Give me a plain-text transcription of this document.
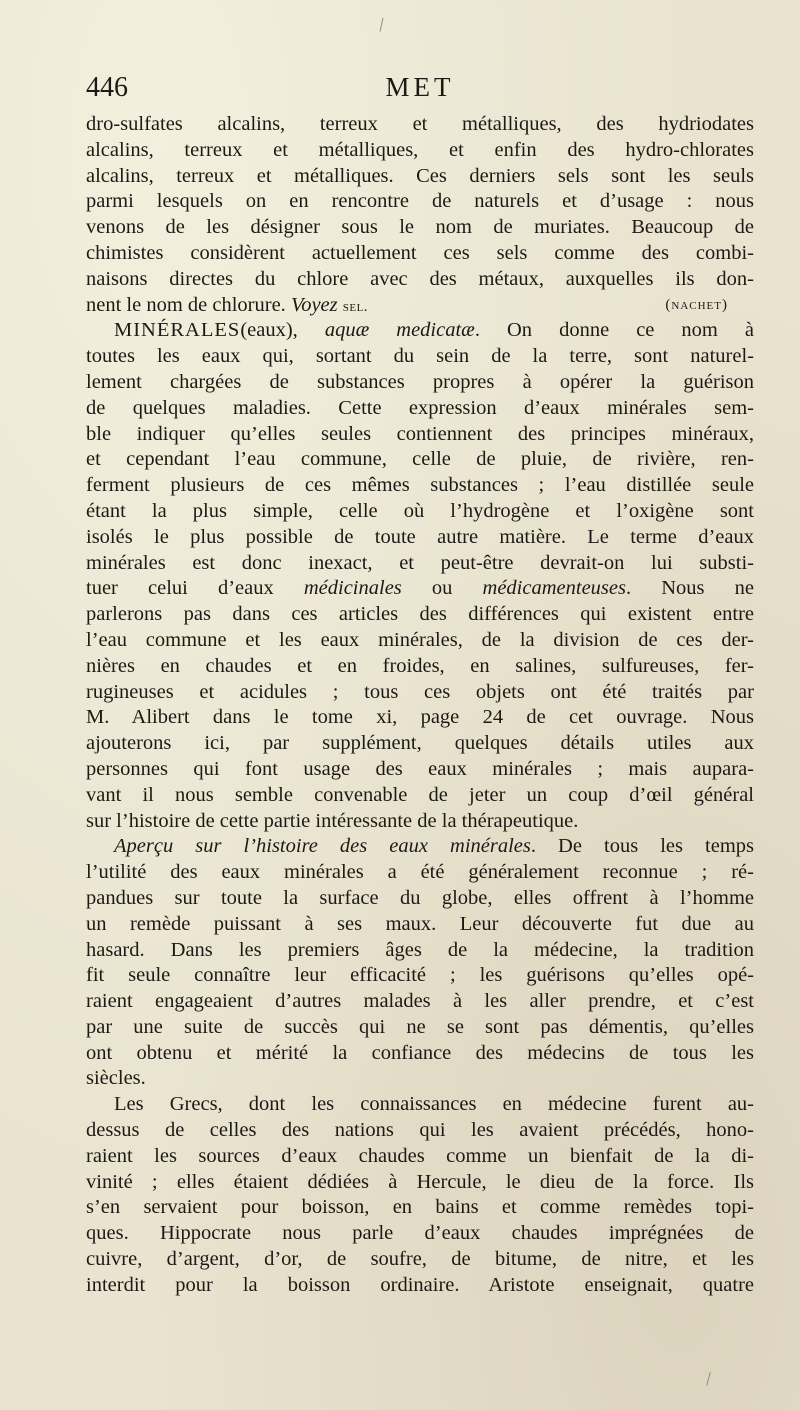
446	MET
dro-sulfates alcalins, terreux et métalliques, des hydriodates
alcalins, terreux et métalliques, et enfin des hydro-chlorates
alcalins, terreux et métalliques. Ces derniers sels sont les seuls
parmi lesquels on en rencontre de naturels et d’usage : nous
venons de les désigner sous le nom de muriates. Beaucoup de
chimistes considèrent actuellement ces sels comme des combi-
naisons directes du chlore avec des métaux, auxquelles ils don-
nent le nom de chlorure. Voyez sel.	(nachet)
MINÉRALES(eaux), aquæ medicatæ. On donne ce nom à
toutes les eaux qui, sortant du sein de la terre, sont naturel-
lement chargées de substances propres à opérer la guérison
de quelques maladies. Cette expression d’eaux minérales sem-
ble indiquer qu’elles seules contiennent des principes minéraux,
et cependant l’eau commune, celle de pluie, de rivière, ren-
ferment plusieurs de ces mêmes substances ; l’eau distillée seule
étant la plus simple, celle où l’hydrogène et l’oxigène sont
isolés le plus possible de toute autre matière. Le terme d’eaux
minérales est donc inexact, et peut-être devrait-on lui substi-
tuer celui d’eaux médicinales ou médicamenteuses. Nous ne
parlerons pas dans ces articles des différences qui existent entre
l’eau commune et les eaux minérales, de la division de ces der-
nières en chaudes et en froides, en salines, sulfureuses, fer-
rugineuses et acidules ; tous ces objets ont été traités par
M. Alibert dans le tome xi, page 24 de cet ouvrage. Nous
ajouterons ici, par supplément, quelques détails utiles aux
personnes qui font usage des eaux minérales ; mais aupara-
vant il nous semble convenable de jeter un coup d’œil général
sur l’histoire de cette partie intéressante de la thérapeutique.
Aperçu sur l’histoire des eaux minérales. De tous les temps
l’utilité des eaux minérales a été généralement reconnue ; ré-
pandues sur toute la surface du globe, elles offrent à l’homme
un remède puissant à ses maux. Leur découverte fut due au
hasard. Dans les premiers âges de la médecine, la tradition
fit seule connaître leur efficacité ; les guérisons qu’elles opé-
raient engageaient d’autres malades à les aller prendre, et c’est
par une suite de succès qui ne se sont pas démentis, qu’elles
ont obtenu et mérité la confiance des médecins de tous les
siècles.
Les Grecs, dont les connaissances en médecine furent au-
dessus de celles des nations qui les avaient précédés, hono-
raient les sources d’eaux chaudes comme un bienfait de la di-
vinité ; elles étaient dédiées à Hercule, le dieu de la force. Ils
s’en servaient pour boisson, en bains et comme remèdes topi-
ques. Hippocrate nous parle d’eaux chaudes imprégnées de
cuivre, d’argent, d’or, de soufre, de bitume, de nitre, et les
interdit pour la boisson ordinaire. Aristote enseignait, quatre
